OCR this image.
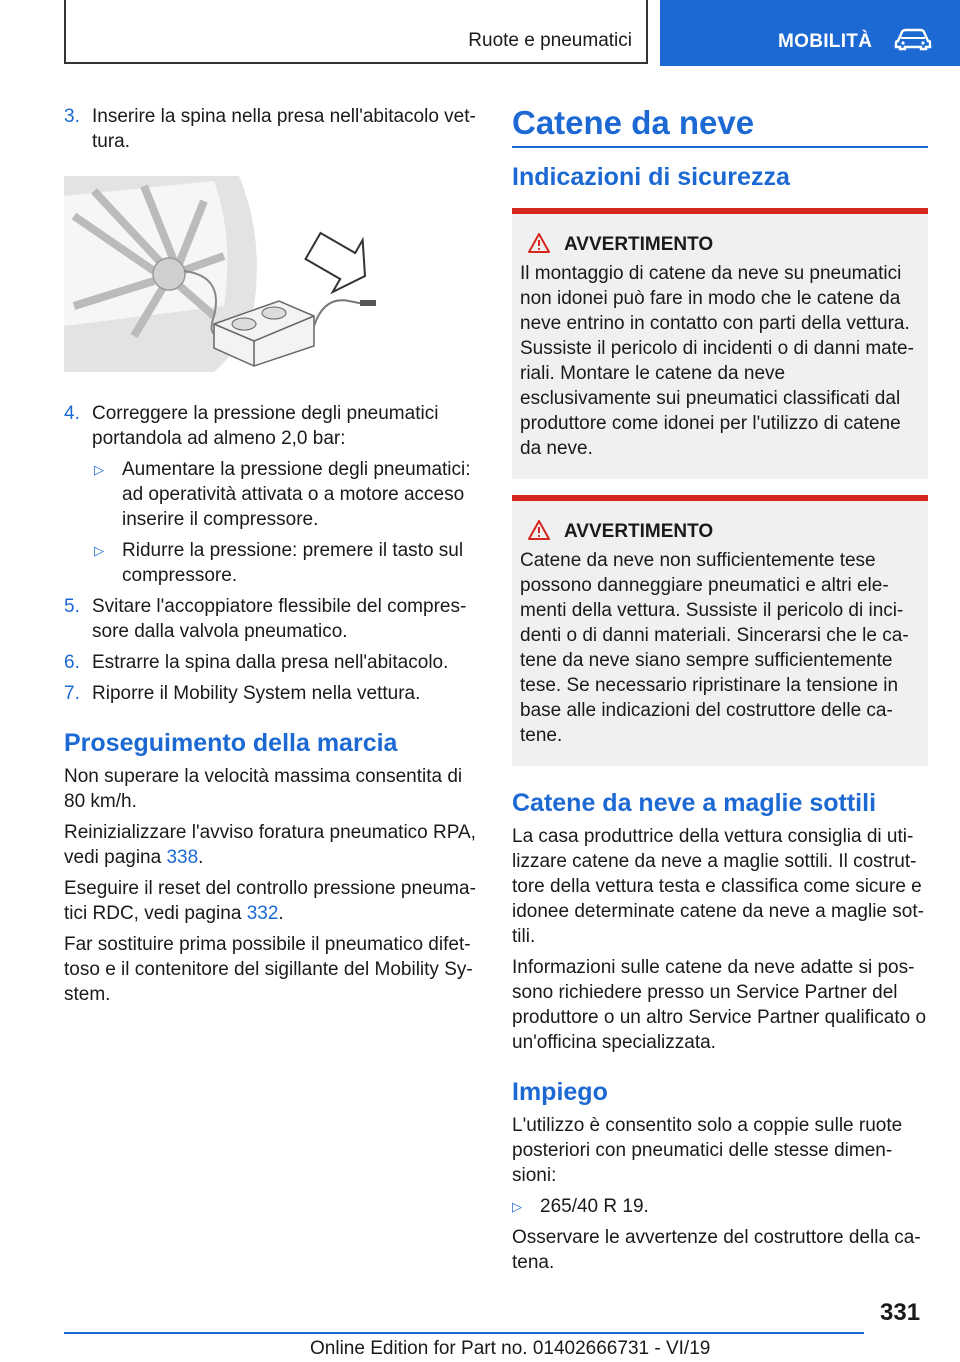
Ruote e pneumatici	MOBILITÀ
3. Inserire la spina nella presa nell'abitacolo vettura.
4. Correggere la pressione degli pneumatici portandola ad almeno 2,0 bar:
▷ Aumentare la pressione degli pneumatici: ad operatività attivata o a motore acceso inserire il compressore.
▷ Ridurre la pressione: premere il tasto sul compressore.
5. Svitare l'accoppiatore flessibile del compressore dalla valvola pneumatico.
6. Estrarre la spina dalla presa nell'abitacolo.
7. Riporre il Mobility System nella vettura.
Proseguimento della marcia

Non superare la velocità massima consentita di 80 km/h.

Reinizializzare l'avviso foratura pneumatico RPA, vedi pagina 338.

Eseguire il reset del controllo pressione pneumatici RDC, vedi pagina 332.

Far sostituire prima possibile il pneumatico difettoso e il contenitore del sigillante del Mobility System.

Catene da neve
Indicazioni di sicurezza
AVVERTIMENTO
Il montaggio di catene da neve su pneumatici non idonei può fare in modo che le catene da neve entrino in contatto con parti della vettura. Sussiste il pericolo di incidenti o di danni materiali. Montare le catene da neve esclusivamente sui pneumatici classificati dal produttore come idonei per l'utilizzo di catene da neve.
AVVERTIMENTO
Catene da neve non sufficientemente tese possono danneggiare pneumatici e altri elementi della vettura. Sussiste il pericolo di incidenti o di danni materiali. Sincerarsi che le catene da neve siano sempre sufficientemente tese. Se necessario ripristinare la tensione in base alle indicazioni del costruttore delle catene.
Catene da neve a maglie sottili

La casa produttrice della vettura consiglia di utilizzare catene da neve a maglie sottili. Il costruttore della vettura testa e classifica come sicure e idonee determinate catene da neve a maglie sottili.

Informazioni sulle catene da neve adatte si possono richiedere presso un Service Partner del produttore o un altro Service Partner qualificato o un'officina specializzata.

Impiego

L'utilizzo è consentito solo a coppie sulle ruote posteriori con pneumatici delle stesse dimensioni:

▷ 265/40 R 19.

Osservare le avvertenze del costruttore della catena.

331
Online Edition for Part no. 01402666731 - VI/19
